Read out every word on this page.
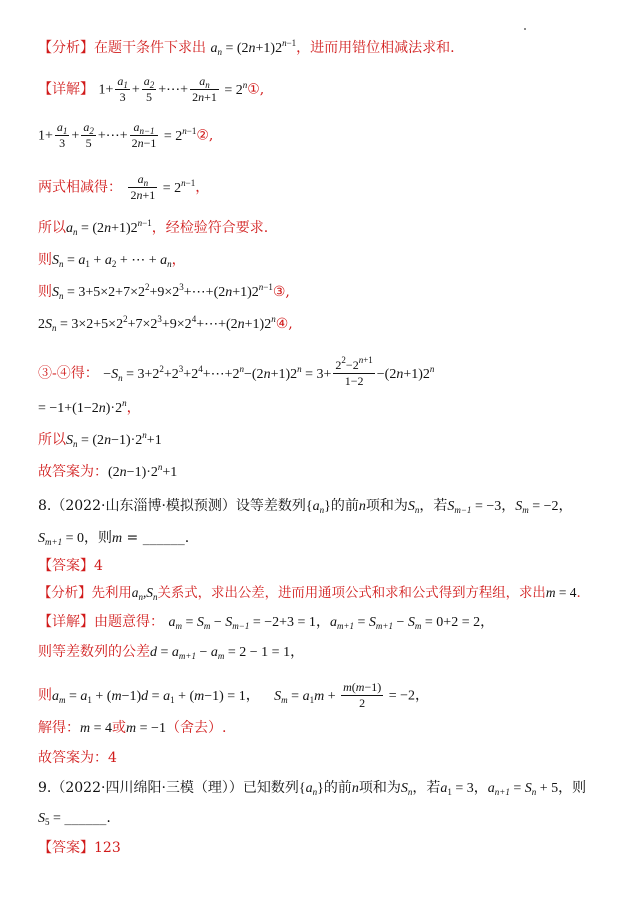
【分析】在题干条件下求出 $a_n = (2n+1)2^{n-1}$，进而用错位相减法求和.
【详解】 $1+ \frac{a_1}{3} + \frac{a_2}{5}$ +⋯+ $\frac{a_n}{2n+1}$ = $2^n①$,
$1+ \frac{a_1}{3} + \frac{a_2}{5}$ +⋯+ $\frac{a_{n-1}}{2n-1}$ = $2^{n-1}②$,
两式相减得： $\frac{a_n}{2n+1} = 2^{n-1}$，
所以$a_n = (2n+1)2^{n-1}$，经检验符合要求.
则$S_n = a_1 + a_2$ + ⋯ + $a_n$，
则$S_n$ = $3+5\times 2+7\times 2^2+9\times 2^3+\cdots+(2n+1)2^{n-1}③$,
$2S_n$ = $3\times 2+5\times 2^2+7\times 2^3+9\times 2^4+\cdots+(2n+1)2^n④$,
③-④得： $-S_n$ = $3+2^2+2^3+2^4+\cdots+2^n-(2n+1)2^n = 3+ \frac{2^2-2^{n+1}}{1-2} -(2n+1)2^n$
= $-1+(1-2n)\cdot 2^n$，
所以$S_n = (2n-1)\cdot 2^n+1$
故答案为：$(2n-1)\cdot 2^n+1$
8.（2022·山东淄博·模拟预测）设等差数列$\{a_n\}$的前n项和为$S_n$，若$S_{m-1} = -3$，$S_m = -2$，
$S_{m+1} = 0$，则m = ______.
【答案】4
【分析】先利用$a_n,S_n$关系式，求出公差，进而用通项公式和求和公式得到方程组，求出m = 4.
【详解】由题意得： $a_m = S_m - S_{m-1} = -2+3 = 1$，$a_{m+1} = S_{m+1} - S_m = 0+2 = 2$，
则等差数列的公差$d = a_{m+1} - a_m = 2 - 1 = 1$，
则$a_m = a_1 + (m-1)d = a_1 + (m-1) = 1$， $S_m = a_1m + \frac{m(m-1)}{2} = -2$，
解得：m = 4或m = −1（舍去）.
故答案为：4
9.（2022·四川绵阳·三模（理））已知数列$\{a_n\}$的前n项和为$S_n$，若$a_1 = 3$，$a_{n+1} = S_n + 5$，则
$S_5$ = ______.
【答案】123
